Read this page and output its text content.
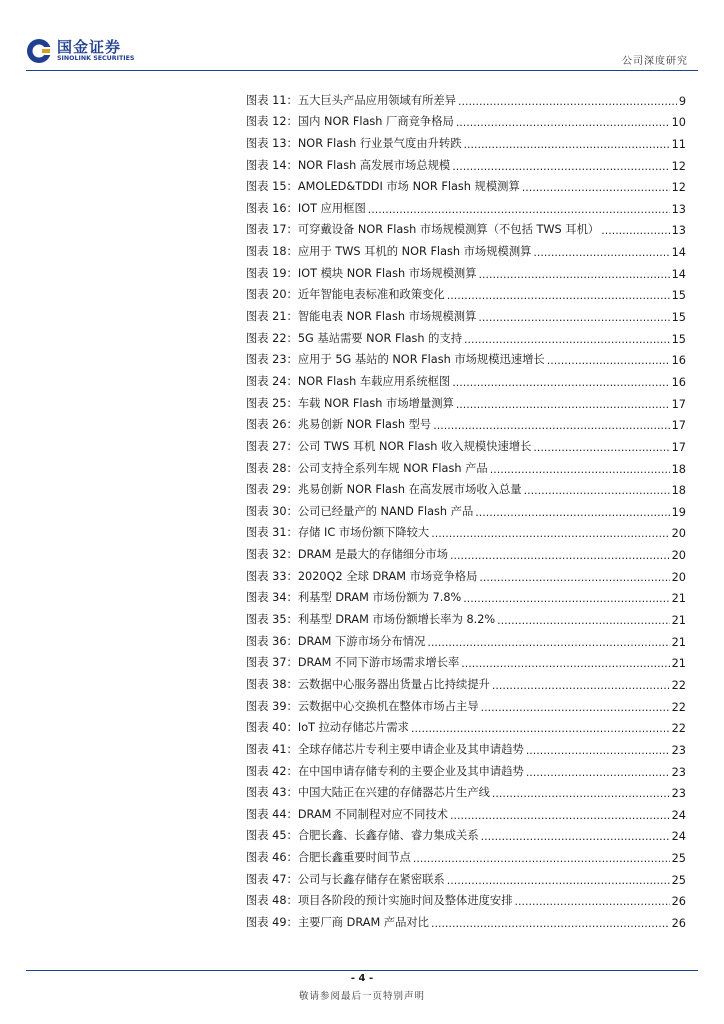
国金证券
SINOLINK SECURITIES	公司深度研究
图表 11： 五大巨头产品应用领域有所差异 .....	9
图表 12： 国内 NOR Flash 厂商竞争格局 .....	10
图表 13： NOR Flash 行业景气度由升转跌 .....	11
图表 14： NOR Flash 高发展市场总规模 .....	12
图表 15： AMOLED&TDDI 市场 NOR Flash 规模测算 .....	12
图表 16： IOT 应用框图 .....	13
图表 17： 可穿戴设备 NOR Flash 市场规模测算（不包括 TWS 耳机） .....	13
图表 18： 应用于 TWS 耳机的 NOR Flash 市场规模测算 .....	14
图表 19： IOT 模块 NOR Flash 市场规模测算 .....	14
图表 20： 近年智能电表标准和政策变化 .....	15
图表 21： 智能电表 NOR Flash 市场规模测算 .....	15
图表 22： 5G 基站需要 NOR Flash 的支持 .....	15
图表 23： 应用于 5G 基站的 NOR Flash 市场规模迅速增长 .....	16
图表 24： NOR Flash 车载应用系统框图 .....	16
图表 25： 车载 NOR Flash 市场增量测算 .....	17
图表 26： 兆易创新 NOR Flash 型号 .....	17
图表 27： 公司 TWS 耳机 NOR Flash 收入规模快速增长 .....	17
图表 28： 公司支持全系列车规 NOR Flash 产品 .....	18
图表 29： 兆易创新 NOR Flash 在高发展市场收入总量 .....	18
图表 30： 公司已经量产的 NAND Flash 产品 .....	19
图表 31： 存储 IC 市场份额下降较大 .....	20
图表 32： DRAM 是最大的存储细分市场 .....	20
图表 33： 2020Q2 全球 DRAM 市场竞争格局 .....	20
图表 34： 利基型 DRAM 市场份额为 7.8% .....	21
图表 35： 利基型 DRAM 市场份额增长率为 8.2% .....	21
图表 36： DRAM 下游市场分布情况 .....	21
图表 37： DRAM 不同下游市场需求增长率 .....	21
图表 38： 云数据中心服务器出货量占比持续提升 .....	22
图表 39： 云数据中心交换机在整体市场占主导 .....	22
图表 40： IoT 拉动存储芯片需求 .....	22
图表 41： 全球存储芯片专利主要申请企业及其申请趋势 .....	23
图表 42： 在中国申请存储专利的主要企业及其申请趋势 .....	23
图表 43： 中国大陆正在兴建的存储器芯片生产线 .....	23
图表 44： DRAM 不同制程对应不同技术 .....	24
图表 45： 合肥长鑫、长鑫存储、睿力集成关系 .....	24
图表 46： 合肥长鑫重要时间节点 .....	25
图表 47： 公司与长鑫存储存在紧密联系 .....	25
图表 48： 项目各阶段的预计实施时间及整体进度安排 .....	26
图表 49： 主要厂商 DRAM 产品对比 .....	26
- 4 -
敬请参阅最后一页特别声明
